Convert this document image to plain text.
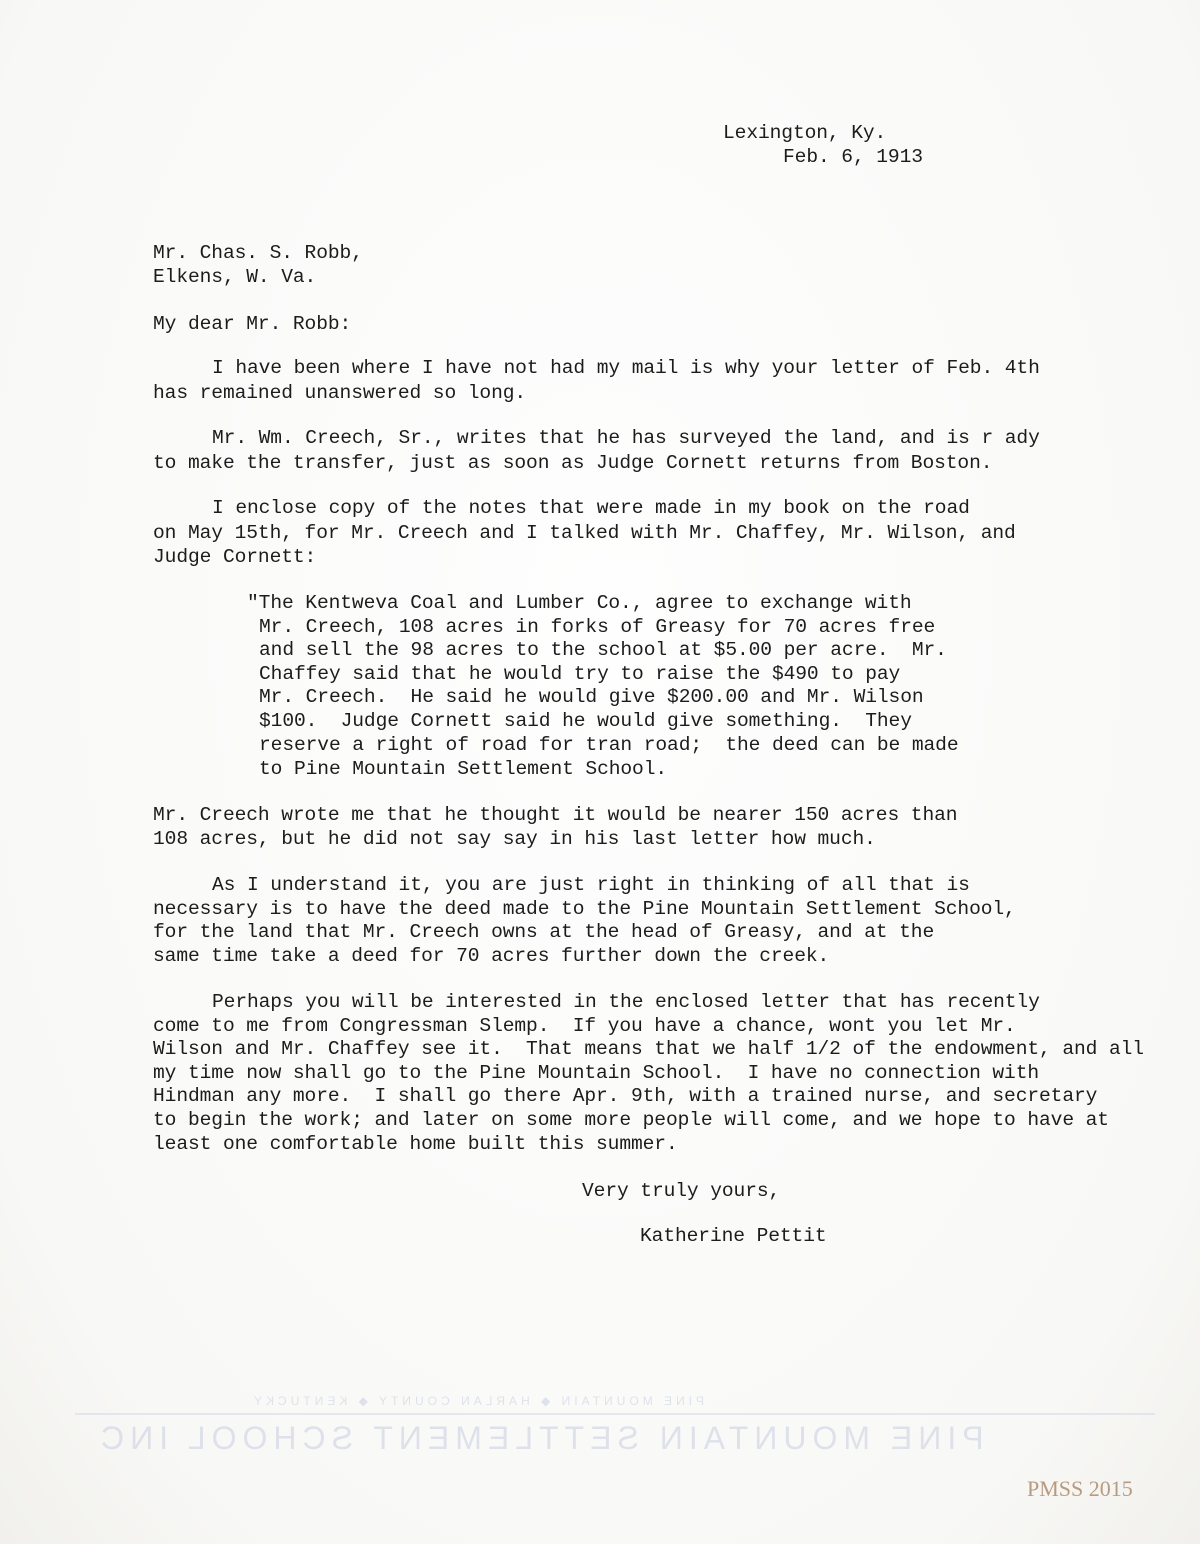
PINE MOUNTAIN ◆ HARLAN COUNTY ◆ KENTUCKY
PINE MOUNTAIN SETTLEMENT SCHOOL INC
Lexington, Ky.
Feb. 6, 1913
Mr. Chas. S. Robb,
Elkens, W. Va.
My dear Mr. Robb:
I have been where I have not had my mail is why your letter of Feb. 4th
has remained unanswered so long.
Mr. Wm. Creech, Sr., writes that he has surveyed the land, and is r ady
to make the transfer, just as soon as Judge Cornett returns from Boston.
I enclose copy of the notes that were made in my book on the road
on May 15th, for Mr. Creech and I talked with Mr. Chaffey, Mr. Wilson, and
Judge Cornett:
"The Kentweva Coal and Lumber Co., agree to exchange with
Mr. Creech, 108 acres in forks of Greasy for 70 acres free
and sell the 98 acres to the school at $5.00 per acre.  Mr.
Chaffey said that he would try to raise the $490 to pay
Mr. Creech.  He said he would give $200.00 and Mr. Wilson
$100.  Judge Cornett said he would give something.  They
reserve a right of road for tran road;  the deed can be made
to Pine Mountain Settlement School.
Mr. Creech wrote me that he thought it would be nearer 150 acres than
108 acres, but he did not say say in his last letter how much.
As I understand it, you are just right in thinking of all that is
necessary is to have the deed made to the Pine Mountain Settlement School,
for the land that Mr. Creech owns at the head of Greasy, and at the
same time take a deed for 70 acres further down the creek.
Perhaps you will be interested in the enclosed letter that has recently
come to me from Congressman Slemp.  If you have a chance, wont you let Mr.
Wilson and Mr. Chaffey see it.  That means that we half 1/2 of the endowment, and all
my time now shall go to the Pine Mountain School.  I have no connection with
Hindman any more.  I shall go there Apr. 9th, with a trained nurse, and secretary
to begin the work; and later on some more people will come, and we hope to have at
least one comfortable home built this summer.
Very truly yours,
Katherine Pettit
PMSS 2015
